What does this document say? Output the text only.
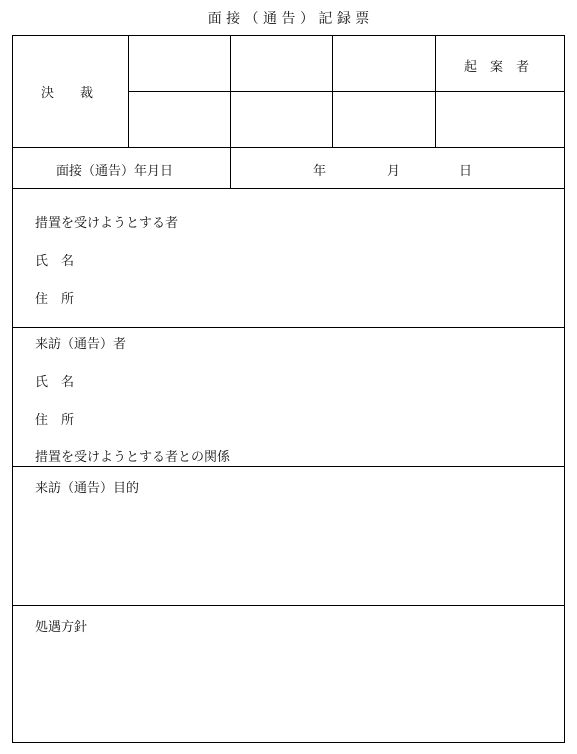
面 接 （ 通 告 ） 記 録 票
決　　裁
起　案　者
面接（通告）年月日	年	月	日
措置を受けようとする者
氏　名
住　所
来訪（通告）者
氏　名
住　所
措置を受けようとする者との関係
来訪（通告）目的
処遇方針
